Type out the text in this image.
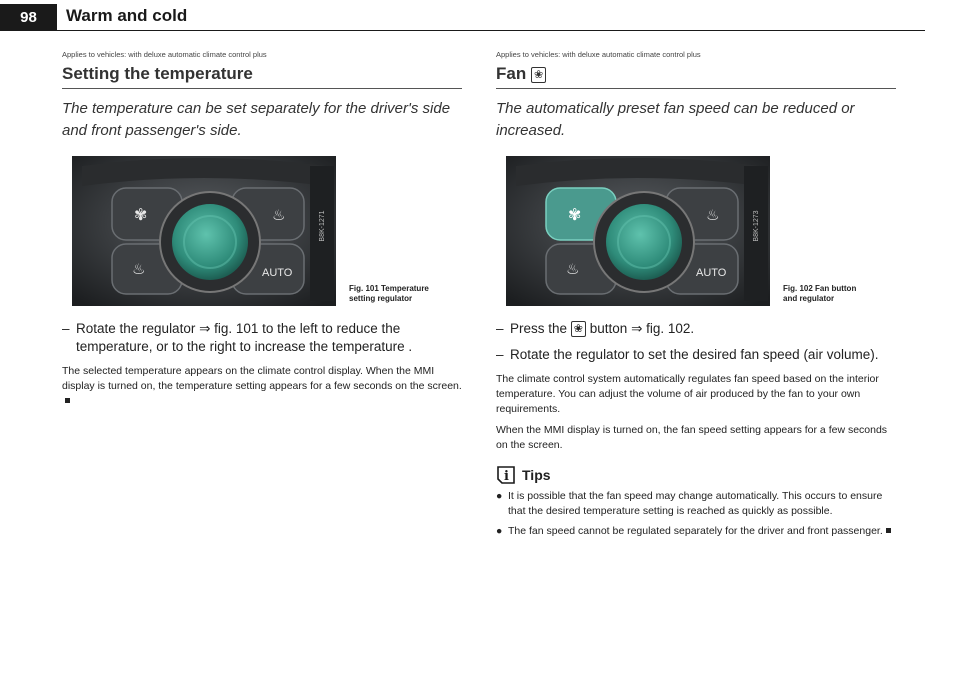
98	Warm and cold

Applies to vehicles: with deluxe automatic climate control plus

Setting the temperature

The temperature can be set separately for the driver's side and front passenger's side.

✾
♨
♨
AUTO
B8K-1271
Fig. 101 Temperature
setting regulator
– Rotate the regulator ⇒ fig. 101 to the left to reduce the temperature, or to the right to increase the temperature .

The selected temperature appears on the climate control display. When the MMI display is turned on, the temperature setting appears for a few seconds on the screen.

Applies to vehicles: with deluxe automatic climate control plus

Fan ❀

The automatically preset fan speed can be reduced or increased.

✾
♨
♨
AUTO
B8K-1273
Fig. 102 Fan button
and regulator
– Press the ❀ button ⇒ fig. 102.
– Rotate the regulator to set the desired fan speed (air volume).

The climate control system automatically regulates fan speed based on the interior temperature. You can adjust the volume of air produced by the fan to your own requirements.

When the MMI display is turned on, the fan speed setting appears for a few seconds on the screen.

i Tips
● It is possible that the fan speed may change automatically. This occurs to ensure that the desired temperature setting is reached as quickly as possible.
● The fan speed cannot be regulated separately for the driver and front passenger.
